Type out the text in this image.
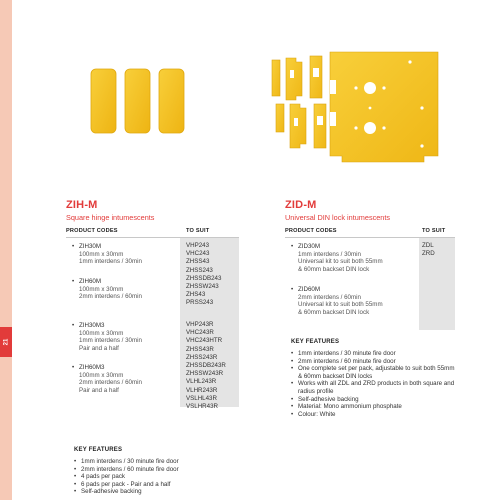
21
ZIH-M
Square hinge intumescents
PRODUCT CODES	TO SUIT
• ZIH30M
100mm x 30mm
1mm interdens / 30min
• ZIH60M
100mm x 30mm
2mm interdens / 60min
• ZIH30M3
100mm x 30mm
1mm interdens / 30min
Pair and a half
• ZIH60M3
100mm x 30mm
2mm interdens / 60min
Pair and a half
VHP243
VHC243
ZHSS43
ZHSS243
ZHSSDB243
ZHSSW243
ZHS43
PRSS243
VHP243R
VHC243R
VHC243HTR
ZHSS43R
ZHSS243R
ZHSSDB243R
ZHSSW243R
VLHL243R
VLHR243R
VSLHL43R
VSLHR43R
KEY FEATURES
• 1mm interdens / 30 minute fire door
• 2mm interdens / 60 minute fire door
• 4 pads per pack
• 6 pads per pack - Pair and a half
• Self-adhesive backing
ZID-M
Universal DIN lock intumescents
PRODUCT CODES	TO SUIT
• ZID30M
1mm interdens / 30min
Universal kit to suit both 55mm
& 60mm backset DIN lock
• ZID60M
2mm interdens / 60min
Universal kit to suit both 55mm
& 60mm backset DIN lock
ZDL
ZRD
KEY FEATURES
• 1mm interdens / 30 minute fire door
• 2mm interdens / 60 minute fire door
• One complete set per pack, adjustable to suit both 55mm & 60mm backset DIN locks
• Works with all ZDL and ZRD products in both square and radius profile
• Self-adhesive backing
• Material: Mono ammonium phosphate
• Colour: White
